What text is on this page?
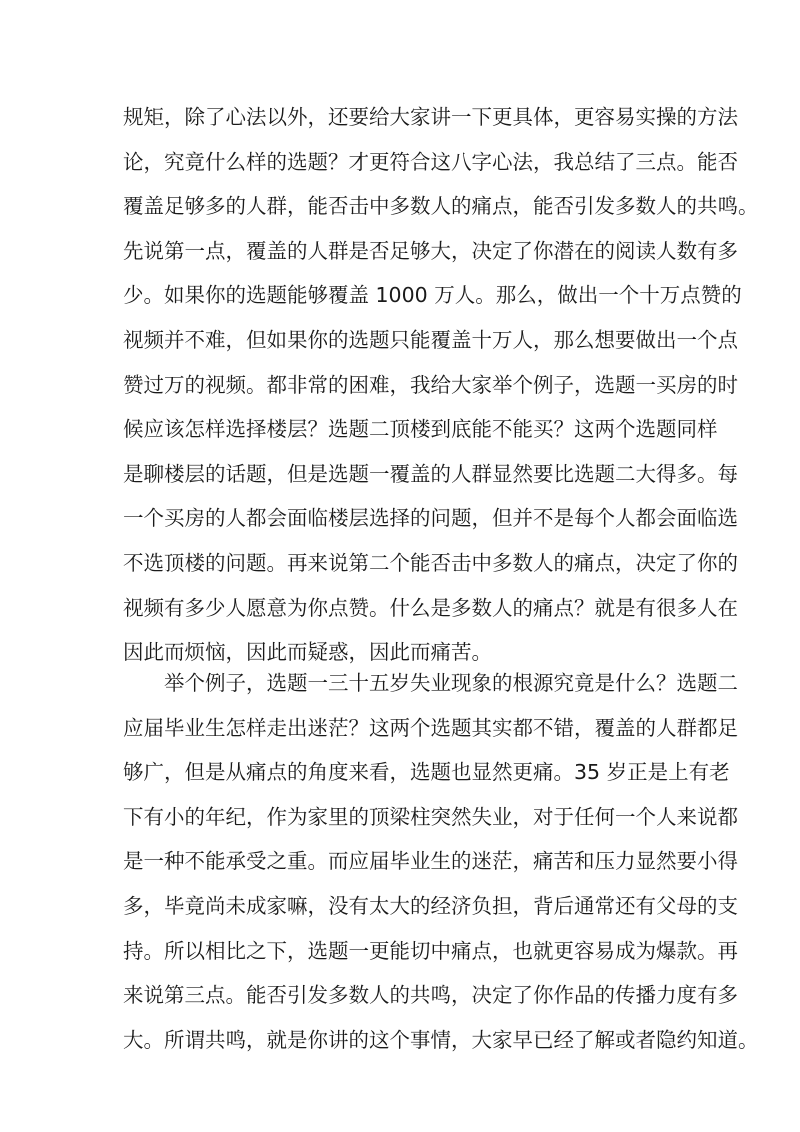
规矩，除了心法以外，还要给大家讲一下更具体，更容易实操的方法
论，究竟什么样的选题？才更符合这八字心法，我总结了三点。能否
覆盖足够多的人群，能否击中多数人的痛点，能否引发多数人的共鸣。
先说第一点，覆盖的人群是否足够大，决定了你潜在的阅读人数有多
少。如果你的选题能够覆盖 1000 万人。那么，做出一个十万点赞的
视频并不难，但如果你的选题只能覆盖十万人，那么想要做出一个点
赞过万的视频。都非常的困难，我给大家举个例子，选题一买房的时
候应该怎样选择楼层？选题二顶楼到底能不能买？这两个选题同样
是聊楼层的话题，但是选题一覆盖的人群显然要比选题二大得多。每
一个买房的人都会面临楼层选择的问题，但并不是每个人都会面临选
不选顶楼的问题。再来说第二个能否击中多数人的痛点，决定了你的
视频有多少人愿意为你点赞。什么是多数人的痛点？就是有很多人在
因此而烦恼，因此而疑惑，因此而痛苦。
举个例子，选题一三十五岁失业现象的根源究竟是什么？选题二
应届毕业生怎样走出迷茫？这两个选题其实都不错，覆盖的人群都足
够广，但是从痛点的角度来看，选题也显然更痛。35 岁正是上有老
下有小的年纪，作为家里的顶梁柱突然失业，对于任何一个人来说都
是一种不能承受之重。而应届毕业生的迷茫，痛苦和压力显然要小得
多，毕竟尚未成家嘛，没有太大的经济负担，背后通常还有父母的支
持。所以相比之下，选题一更能切中痛点，也就更容易成为爆款。再
来说第三点。能否引发多数人的共鸣，决定了你作品的传播力度有多
大。所谓共鸣，就是你讲的这个事情，大家早已经了解或者隐约知道。
